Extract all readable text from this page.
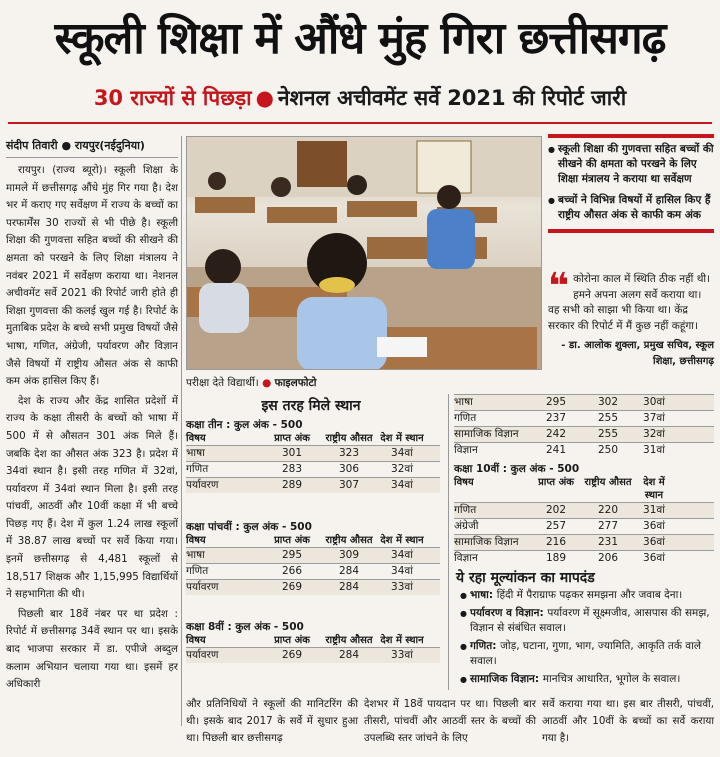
स्कूली शिक्षा में औंधे मुंह गिरा छत्तीसगढ़
30 राज्यों से पिछड़ा ● नेशनल अचीवमेंट सर्वे 2021 की रिपोर्ट जारी
संदीप तिवारी ● रायपुर(नईदुनिया)

रायपुर। (राज्य ब्यूरो)। स्कूली शिक्षा के मामले में छत्तीसगढ़ औंधे मुंह गिर गया है। देश भर में कराए गए सर्वेक्षण में राज्य के बच्चों का परफार्मेंस 30 राज्यों से भी पीछे है। स्कूली शिक्षा की गुणवत्ता सहित बच्चों की सीखने की क्षमता को परखने के लिए शिक्षा मंत्रालय ने नवंबर 2021 में सर्वेक्षण कराया था। नेशनल अचीवमेंट सर्वे 2021 की रिपोर्ट जारी होते ही शिक्षा गुणवत्ता की कलई खुल गई है। रिपोर्ट के मुताबिक प्रदेश के बच्चे सभी प्रमुख विषयों जैसे भाषा, गणित, अंग्रेजी, पर्यावरण और विज्ञान जैसे विषयों में राष्ट्रीय औसत अंक से काफी कम अंक हासिल किए हैं।

देश के राज्य और केंद्र शासित प्रदेशों में राज्य के कक्षा तीसरी के बच्चों को भाषा में 500 में से औसतन 301 अंक मिले हैं। जबकि देश का औसत अंक 323 है। प्रदेश में 34वां स्थान है। इसी तरह गणित में 32वां, पर्यावरण में 34वां स्थान मिला है। इसी तरह पांचवीं, आठवीं और 10वीं कक्षा में भी बच्चे पिछड़ गए हैं। देश में कुल 1.24 लाख स्कूलों में 38.87 लाख बच्चों पर सर्वे किया गया। इनमें छत्तीसगढ़ से 4,481 स्कूलों से 18,517 शिक्षक और 1,15,995 विद्यार्थियों ने सहभागिता की थी।

पिछली बार 18वें नंबर पर था प्रदेश : रिपोर्ट में छत्तीसगढ़ 34वें स्थान पर था। इसके बाद भाजपा सरकार में डा. एपीजे अब्दुल कलाम अभियान चलाया गया था। इसमें हर अधिकारी

परीक्षा देते विद्यार्थी। ● फाइलफोटो
● स्कूली शिक्षा की गुणवत्ता सहित बच्चों की सीखने की क्षमता को परखने के लिए शिक्षा मंत्रालय ने कराया था सर्वेक्षण
● बच्चों ने विभिन्न विषयों में हासिल किए हैं राष्ट्रीय औसत अंक से काफी कम अंक
❝ कोरोना काल में स्थिति ठीक नहीं थी। हमने अपना अलग सर्वे कराया था। वह सभी को साझा भी किया था। केंद्र सरकार की रिपोर्ट में मैं कुछ नहीं कहूंगा।
- डा. आलोक शुक्ला, प्रमुख सचिव, स्कूल शिक्षा, छत्तीसगढ़
इस तरह मिले स्थान
कक्षा तीन : कुल अंक - 500
विषय	प्राप्त अंक	राष्ट्रीय औसत देश में स्थान
भाषा	301	323	34वां
गणित	283	306	32वां
पर्यावरण	289	307	34वां
कक्षा पांचवीं : कुल अंक - 500
विषय	प्राप्त अंक	राष्ट्रीय औसत देश में स्थान
भाषा	295	309	34वां
गणित	266	284	34वां
पर्यावरण	269	284	33वां
कक्षा 8वीं : कुल अंक - 500
विषय	प्राप्त अंक	राष्ट्रीय औसत देश में स्थान
पर्यावरण	269	284	33वां
भाषा	295	302	30वां
गणित	237	255	37वां
सामाजिक विज्ञान	242	255	32वां
विज्ञान	241	250	31वां
कक्षा 10वीं : कुल अंक - 500
विषय	प्राप्त अंक	राष्ट्रीय औसत	देश में स्थान
गणित	202	220	31वां
अंग्रेजी	257	277	36वां
सामाजिक विज्ञान	216	231	36वां
विज्ञान	189	206	36वां
ये रहा मूल्यांकन का मापदंड
● भाषा: हिंदी में पैराग्राफ पढ़कर समझना और जवाब देना।
● पर्यावरण व विज्ञान: पर्यावरण में सूक्ष्मजीव, आसपास की समझ, विज्ञान से संबंधित सवाल।
● गणित: जोड़, घटाना, गुणा, भाग, ज्यामिति, आकृति तर्क वाले सवाल।
● सामाजिक विज्ञान: मानचित्र आधारित, भूगोल के सवाल।
और प्रतिनिधियों ने स्कूलों की मानिटरिंग की थी। इसके बाद 2017 के सर्वे में सुधार हुआ था। पिछली बार छत्तीसगढ़
देशभर में 18वें पायदान पर था। पिछली बार तीसरी, पांचवीं और आठवीं स्तर के बच्चों की उपलब्धि स्तर जांचने के लिए
सर्वे कराया गया था। इस बार तीसरी, पांचवीं, आठवीं और 10वीं के बच्चों का सर्वे कराया गया है।
